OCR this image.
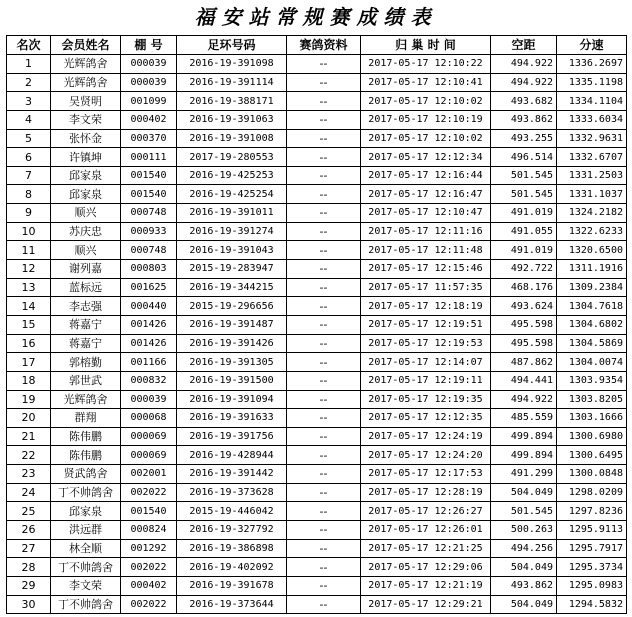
福安站常规赛成绩表
名次	会员姓名	棚 号	足环号码	赛鸽资料	归 巢 时 间	空距	分速
1	光辉鸽舍	000039	2016-19-391098	--	2017-05-17 12:10:22	494.922	1336.2697
2	光辉鸽舍	000039	2016-19-391114	--	2017-05-17 12:10:41	494.922	1335.1198
3	吴贤明	001099	2016-19-388171	--	2017-05-17 12:10:02	493.682	1334.1104
4	李文荣	000402	2016-19-391063	--	2017-05-17 12:10:19	493.862	1333.6034
5	张怀金	000370	2016-19-391008	--	2017-05-17 12:10:02	493.255	1332.9631
6	许镇坤	000111	2017-19-280553	--	2017-05-17 12:12:34	496.514	1332.6707
7	邱家泉	001540	2016-19-425253	--	2017-05-17 12:16:44	501.545	1331.2503
8	邱家泉	001540	2016-19-425254	--	2017-05-17 12:16:47	501.545	1331.1037
9	顺兴	000748	2016-19-391011	--	2017-05-17 12:10:47	491.019	1324.2182
10	苏庆忠	000933	2016-19-391274	--	2017-05-17 12:11:16	491.055	1322.6233
11	顺兴	000748	2016-19-391043	--	2017-05-17 12:11:48	491.019	1320.6500
12	谢列嘉	000803	2015-19-283947	--	2017-05-17 12:15:46	492.722	1311.1916
13	蓝标远	001625	2016-19-344215	--	2017-05-17 11:57:35	468.176	1309.2384
14	李志强	000440	2015-19-296656	--	2017-05-17 12:18:19	493.624	1304.7618
15	蒋嘉宁	001426	2016-19-391487	--	2017-05-17 12:19:51	495.598	1304.6802
16	蒋嘉宁	001426	2016-19-391426	--	2017-05-17 12:19:53	495.598	1304.5869
17	郭榕勤	001166	2016-19-391305	--	2017-05-17 12:14:07	487.862	1304.0074
18	郭世武	000832	2016-19-391500	--	2017-05-17 12:19:11	494.441	1303.9354
19	光辉鸽舍	000039	2016-19-391094	--	2017-05-17 12:19:35	494.922	1303.8205
20	群翔	000068	2016-19-391633	--	2017-05-17 12:12:35	485.559	1303.1666
21	陈伟鹏	000069	2016-19-391756	--	2017-05-17 12:24:19	499.894	1300.6980
22	陈伟鹏	000069	2016-19-428944	--	2017-05-17 12:24:20	499.894	1300.6495
23	贤武鸽舍	002001	2016-19-391442	--	2017-05-17 12:17:53	491.299	1300.0848
24	丁不帅鸽舍	002022	2016-19-373628	--	2017-05-17 12:28:19	504.049	1298.0209
25	邱家泉	001540	2015-19-446042	--	2017-05-17 12:26:27	501.545	1297.8236
26	洪远群	000824	2016-19-327792	--	2017-05-17 12:26:01	500.263	1295.9113
27	林全顺	001292	2016-19-386898	--	2017-05-17 12:21:25	494.256	1295.7917
28	丁不帅鸽舍	002022	2016-19-402092	--	2017-05-17 12:29:06	504.049	1295.3734
29	李文荣	000402	2016-19-391678	--	2017-05-17 12:21:19	493.862	1295.0983
30	丁不帅鸽舍	002022	2016-19-373644	--	2017-05-17 12:29:21	504.049	1294.5832
